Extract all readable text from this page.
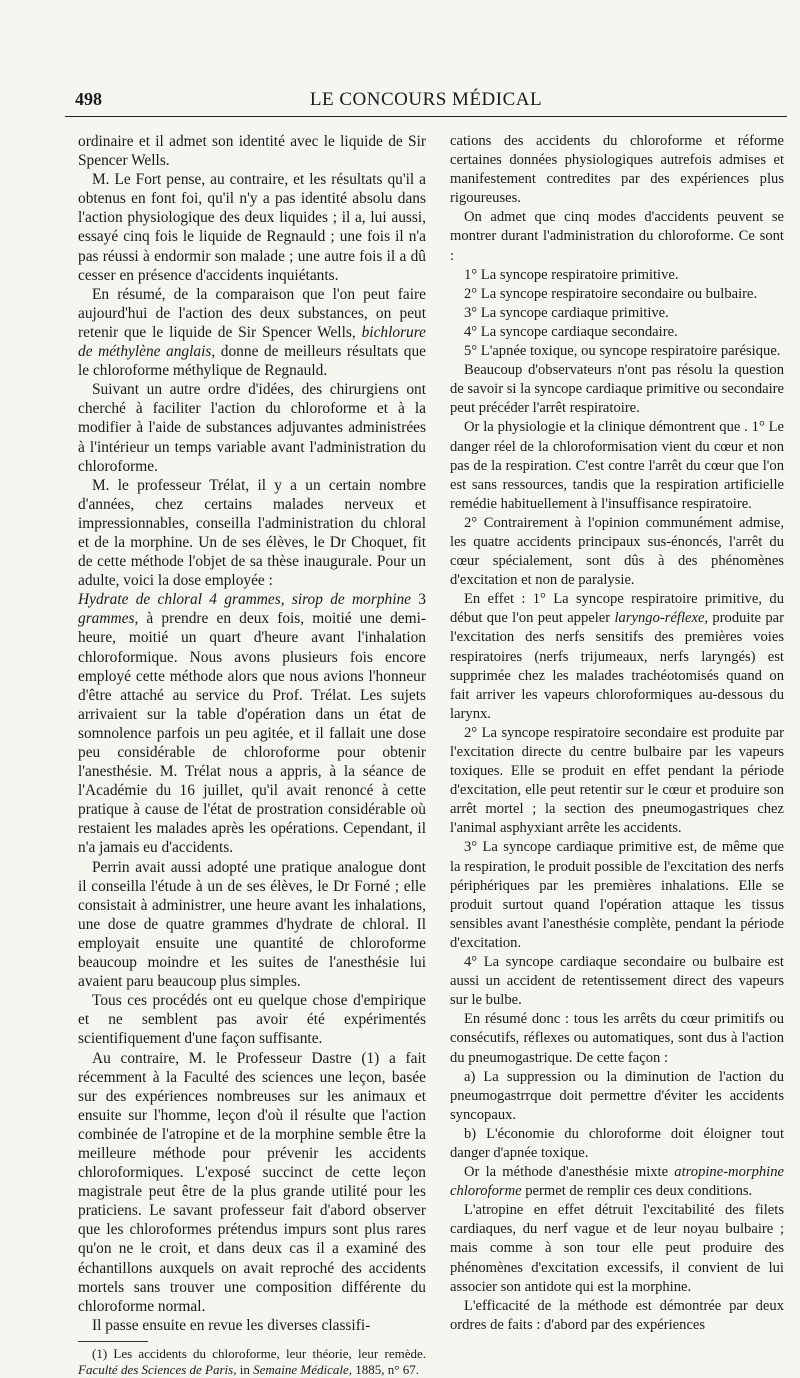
498	LE CONCOURS MÉDICAL

ordinaire et il admet son identité avec le liquide de Sir Spencer Wells.

M. Le Fort pense, au contraire, et les résultats qu'il a obtenus en font foi, qu'il n'y a pas identité absolu dans l'action physiologique des deux liquides ; il a, lui aussi, essayé cinq fois le liquide de Regnauld ; une fois il n'a pas réussi à endormir son malade ; une autre fois il a dû cesser en présence d'accidents inquiétants.

En résumé, de la comparaison que l'on peut faire aujourd'hui de l'action des deux substances, on peut retenir que le liquide de Sir Spencer Wells, bichlorure de méthylène anglais, donne de meilleurs résultats que le chloroforme méthylique de Regnauld.

Suivant un autre ordre d'idées, des chirurgiens ont cherché à faciliter l'action du chloroforme et à la modifier à l'aide de substances adjuvantes administrées à l'intérieur un temps variable avant l'administration du chloroforme.

M. le professeur Trélat, il y a un certain nombre d'années, chez certains malades nerveux et impressionnables, conseilla l'administration du chloral et de la morphine. Un de ses élèves, le Dr Choquet, fit de cette méthode l'objet de sa thèse inaugurale. Pour un adulte, voici la dose employée :

Hydrate de chloral 4 grammes, sirop de morphine 3 grammes, à prendre en deux fois, moitié une demi-heure, moitié un quart d'heure avant l'inhalation chloroformique. Nous avons plusieurs fois encore employé cette méthode alors que nous avions l'honneur d'être attaché au service du Prof. Trélat. Les sujets arrivaient sur la table d'opération dans un état de somnolence parfois un peu agitée, et il fallait une dose peu considérable de chloroforme pour obtenir l'anesthésie. M. Trélat nous a appris, à la séance de l'Académie du 16 juillet, qu'il avait renoncé à cette pratique à cause de l'état de prostration considérable où restaient les malades après les opérations. Cependant, il n'a jamais eu d'accidents.

Perrin avait aussi adopté une pratique analogue dont il conseilla l'étude à un de ses élèves, le Dr Forné ; elle consistait à administrer, une heure avant les inhalations, une dose de quatre grammes d'hydrate de chloral. Il employait ensuite une quantité de chloroforme beaucoup moindre et les suites de l'anesthésie lui avaient paru beaucoup plus simples.

Tous ces procédés ont eu quelque chose d'empirique et ne semblent pas avoir été expérimentés scientifiquement d'une façon suffisante.

Au contraire, M. le Professeur Dastre (1) a fait récemment à la Faculté des sciences une leçon, basée sur des expériences nombreuses sur les animaux et ensuite sur l'homme, leçon d'où il résulte que l'action combinée de l'atropine et de la morphine semble être la meilleure méthode pour prévenir les accidents chloroformiques. L'exposé succinct de cette leçon magistrale peut être de la plus grande utilité pour les praticiens. Le savant professeur fait d'abord observer que les chloroformes prétendus impurs sont plus rares qu'on ne le croit, et dans deux cas il a examiné des échantillons auxquels on avait reproché des accidents mortels sans trouver une composition différente du chloroforme normal.

Il passe ensuite en revue les diverses classifi-

(1) Les accidents du chloroforme, leur théorie, leur remède. Faculté des Sciences de Paris, in Semaine Médicale, 1885, n° 67.

cations des accidents du chloroforme et réforme certaines données physiologiques autrefois admises et manifestement contredites par des expériences plus rigoureuses.

On admet que cinq modes d'accidents peuvent se montrer durant l'administration du chloroforme. Ce sont :

1° La syncope respiratoire primitive.

2° La syncope respiratoire secondaire ou bulbaire.

3° La syncope cardiaque primitive.

4° La syncope cardiaque secondaire.

5° L'apnée toxique, ou syncope respiratoire parésique.

Beaucoup d'observateurs n'ont pas résolu la question de savoir si la syncope cardiaque primitive ou secondaire peut précéder l'arrêt respiratoire.

Or la physiologie et la clinique démontrent que . 1° Le danger réel de la chloroformisation vient du cœur et non pas de la respiration. C'est contre l'arrêt du cœur que l'on est sans ressources, tandis que la respiration artificielle remédie habituellement à l'insuffisance respiratoire.

2° Contrairement à l'opinion communément admise, les quatre accidents principaux sus-énoncés, l'arrêt du cœur spécialement, sont dûs à des phénomènes d'excitation et non de paralysie.

En effet : 1° La syncope respiratoire primitive, du début que l'on peut appeler laryngo-réflexe, produite par l'excitation des nerfs sensitifs des premières voies respiratoires (nerfs trijumeaux, nerfs laryngés) est supprimée chez les malades trachéotomisés quand on fait arriver les vapeurs chloroformiques au-dessous du larynx.

2° La syncope respiratoire secondaire est produite par l'excitation directe du centre bulbaire par les vapeurs toxiques. Elle se produit en effet pendant la période d'excitation, elle peut retentir sur le cœur et produire son arrêt mortel ; la section des pneumogastriques chez l'animal asphyxiant arrête les accidents.

3° La syncope cardiaque primitive est, de même que la respiration, le produit possible de l'excitation des nerfs périphériques par les premières inhalations. Elle se produit surtout quand l'opération attaque les tissus sensibles avant l'anesthésie complète, pendant la période d'excitation.

4° La syncope cardiaque secondaire ou bulbaire est aussi un accident de retentissement direct des vapeurs sur le bulbe.

En résumé donc : tous les arrêts du cœur primitifs ou consécutifs, réflexes ou automatiques, sont dus à l'action du pneumogastrique. De cette façon :

a) La suppression ou la diminution de l'action du pneumogastrrque doit permettre d'éviter les accidents syncopaux.

b) L'économie du chloroforme doit éloigner tout danger d'apnée toxique.

Or la méthode d'anesthésie mixte atropine-morphine chloroforme permet de remplir ces deux conditions.

L'atropine en effet détruit l'excitabilité des filets cardiaques, du nerf vague et de leur noyau bulbaire ; mais comme à son tour elle peut produire des phénomènes d'excitation excessifs, il convient de lui associer son antidote qui est la morphine.

L'efficacité de la méthode est démontrée par deux ordres de faits : d'abord par des expériences
